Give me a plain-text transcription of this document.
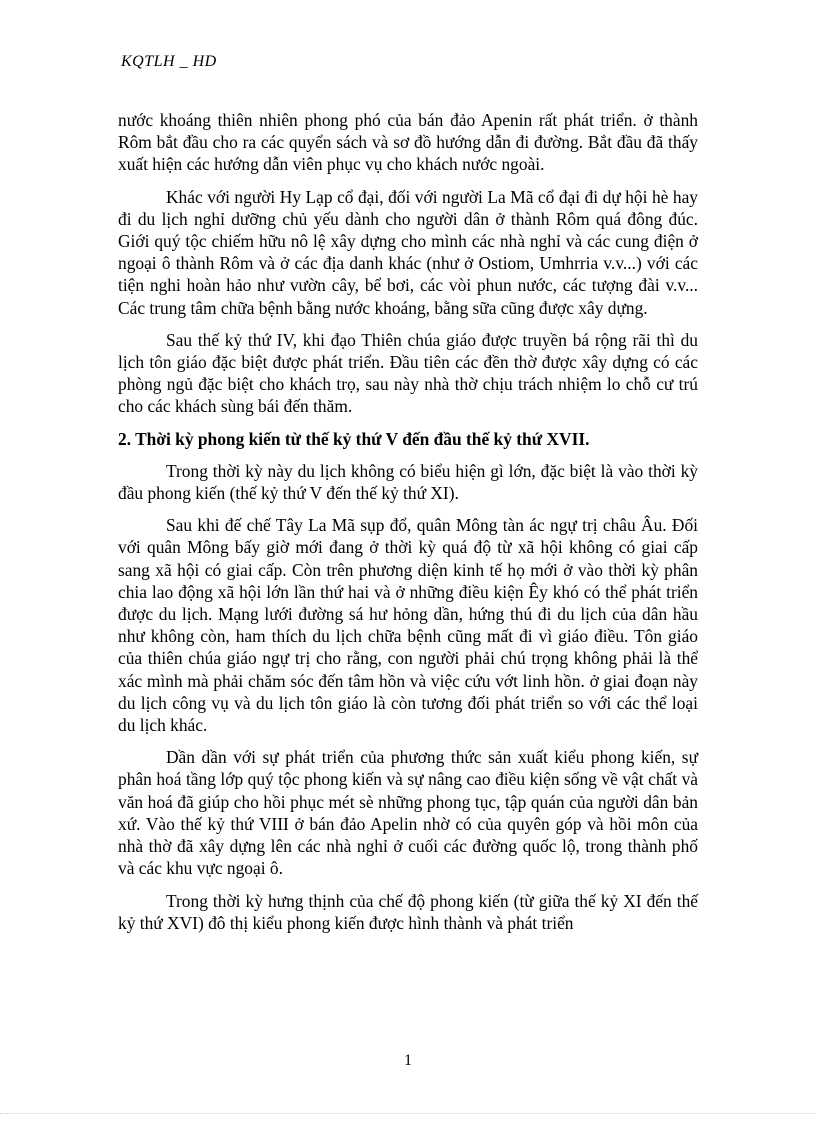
KQTLH _ HD

nước khoáng thiên nhiên phong phó của bán đảo Apenin rất phát triển. ở thành Rôm bắt đầu cho ra các quyển sách và sơ đồ hướng dẫn đi đường. Bắt đầu đã thấy xuất hiện các hướng dẫn viên phục vụ cho khách nước ngoài.

Khác với người Hy Lạp cổ đại, đối với người La Mã cổ đại đi dự hội hè hay đi du lịch nghỉ dưỡng chủ yếu dành cho người dân ở thành Rôm quá đông đúc. Giới quý tộc chiếm hữu nô lệ xây dựng cho mình các nhà nghỉ và các cung điện ở ngoại ô thành Rôm và ở các địa danh khác (như ở Ostiom, Umhrria v.v...) với các tiện nghi hoàn hảo như vườn cây, bể bơi, các vòi phun nước, các tượng đài v.v... Các trung tâm chữa bệnh bằng nước khoáng, bằng sữa cũng được xây dựng.

Sau thế kỷ thứ IV, khi đạo Thiên chúa giáo được truyền bá rộng rãi thì du lịch tôn giáo đặc biệt được phát triển. Đầu tiên các đền thờ được xây dựng có các phòng ngủ đặc biệt cho khách trọ, sau này nhà thờ chịu trách nhiệm lo chỗ cư trú cho các khách sùng bái đến thăm.

2. Thời kỳ phong kiến từ thế kỷ thứ V đến đầu thế kỷ thứ XVII.

Trong thời kỳ này du lịch không có biểu hiện gì lớn, đặc biệt là vào thời kỳ đầu phong kiến (thế kỷ thứ V đến thế kỷ thứ XI).

Sau khi đế chế Tây La Mã sụp đổ, quân Mông tàn ác ngự trị châu Âu. Đối với quân Mông bấy giờ mới đang ở thời kỳ quá độ từ xã hội không có giai cấp sang xã hội có giai cấp. Còn trên phương diện kinh tế họ mới ở vào thời kỳ phân chia lao động xã hội lớn lần thứ hai và ở những điều kiện Êy khó có thể phát triển được du lịch. Mạng lưới đường sá hư hỏng dần, hứng thú đi du lịch của dân hầu như không còn, ham thích du lịch chữa bệnh cũng mất đi vì giáo điều. Tôn giáo của thiên chúa giáo ngự trị cho rằng, con người phải chú trọng không phải là thể xác mình mà phải chăm sóc đến tâm hồn và việc cứu vớt linh hồn. ở giai đoạn này du lịch công vụ và du lịch tôn giáo là còn tương đối phát triển so với các thể loại du lịch khác.

Dần dần với sự phát triển của phương thức sản xuất kiểu phong kiến, sự phân hoá tầng lớp quý tộc phong kiến và sự nâng cao điều kiện sống về vật chất và văn hoá đã giúp cho hồi phục mét sè những phong tục, tập quán của người dân bản xứ. Vào thế kỷ thứ VIII ở bán đảo Apelin nhờ có của quyên góp và hồi môn của nhà thờ đã xây dựng lên các nhà nghỉ ở cuối các đường quốc lộ, trong thành phố và các khu vực ngoại ô.

Trong thời kỳ hưng thịnh của chế độ phong kiến (từ giữa thế kỷ XI đến thế kỷ thứ XVI) đô thị kiểu phong kiến được hình thành và phát triển

1
